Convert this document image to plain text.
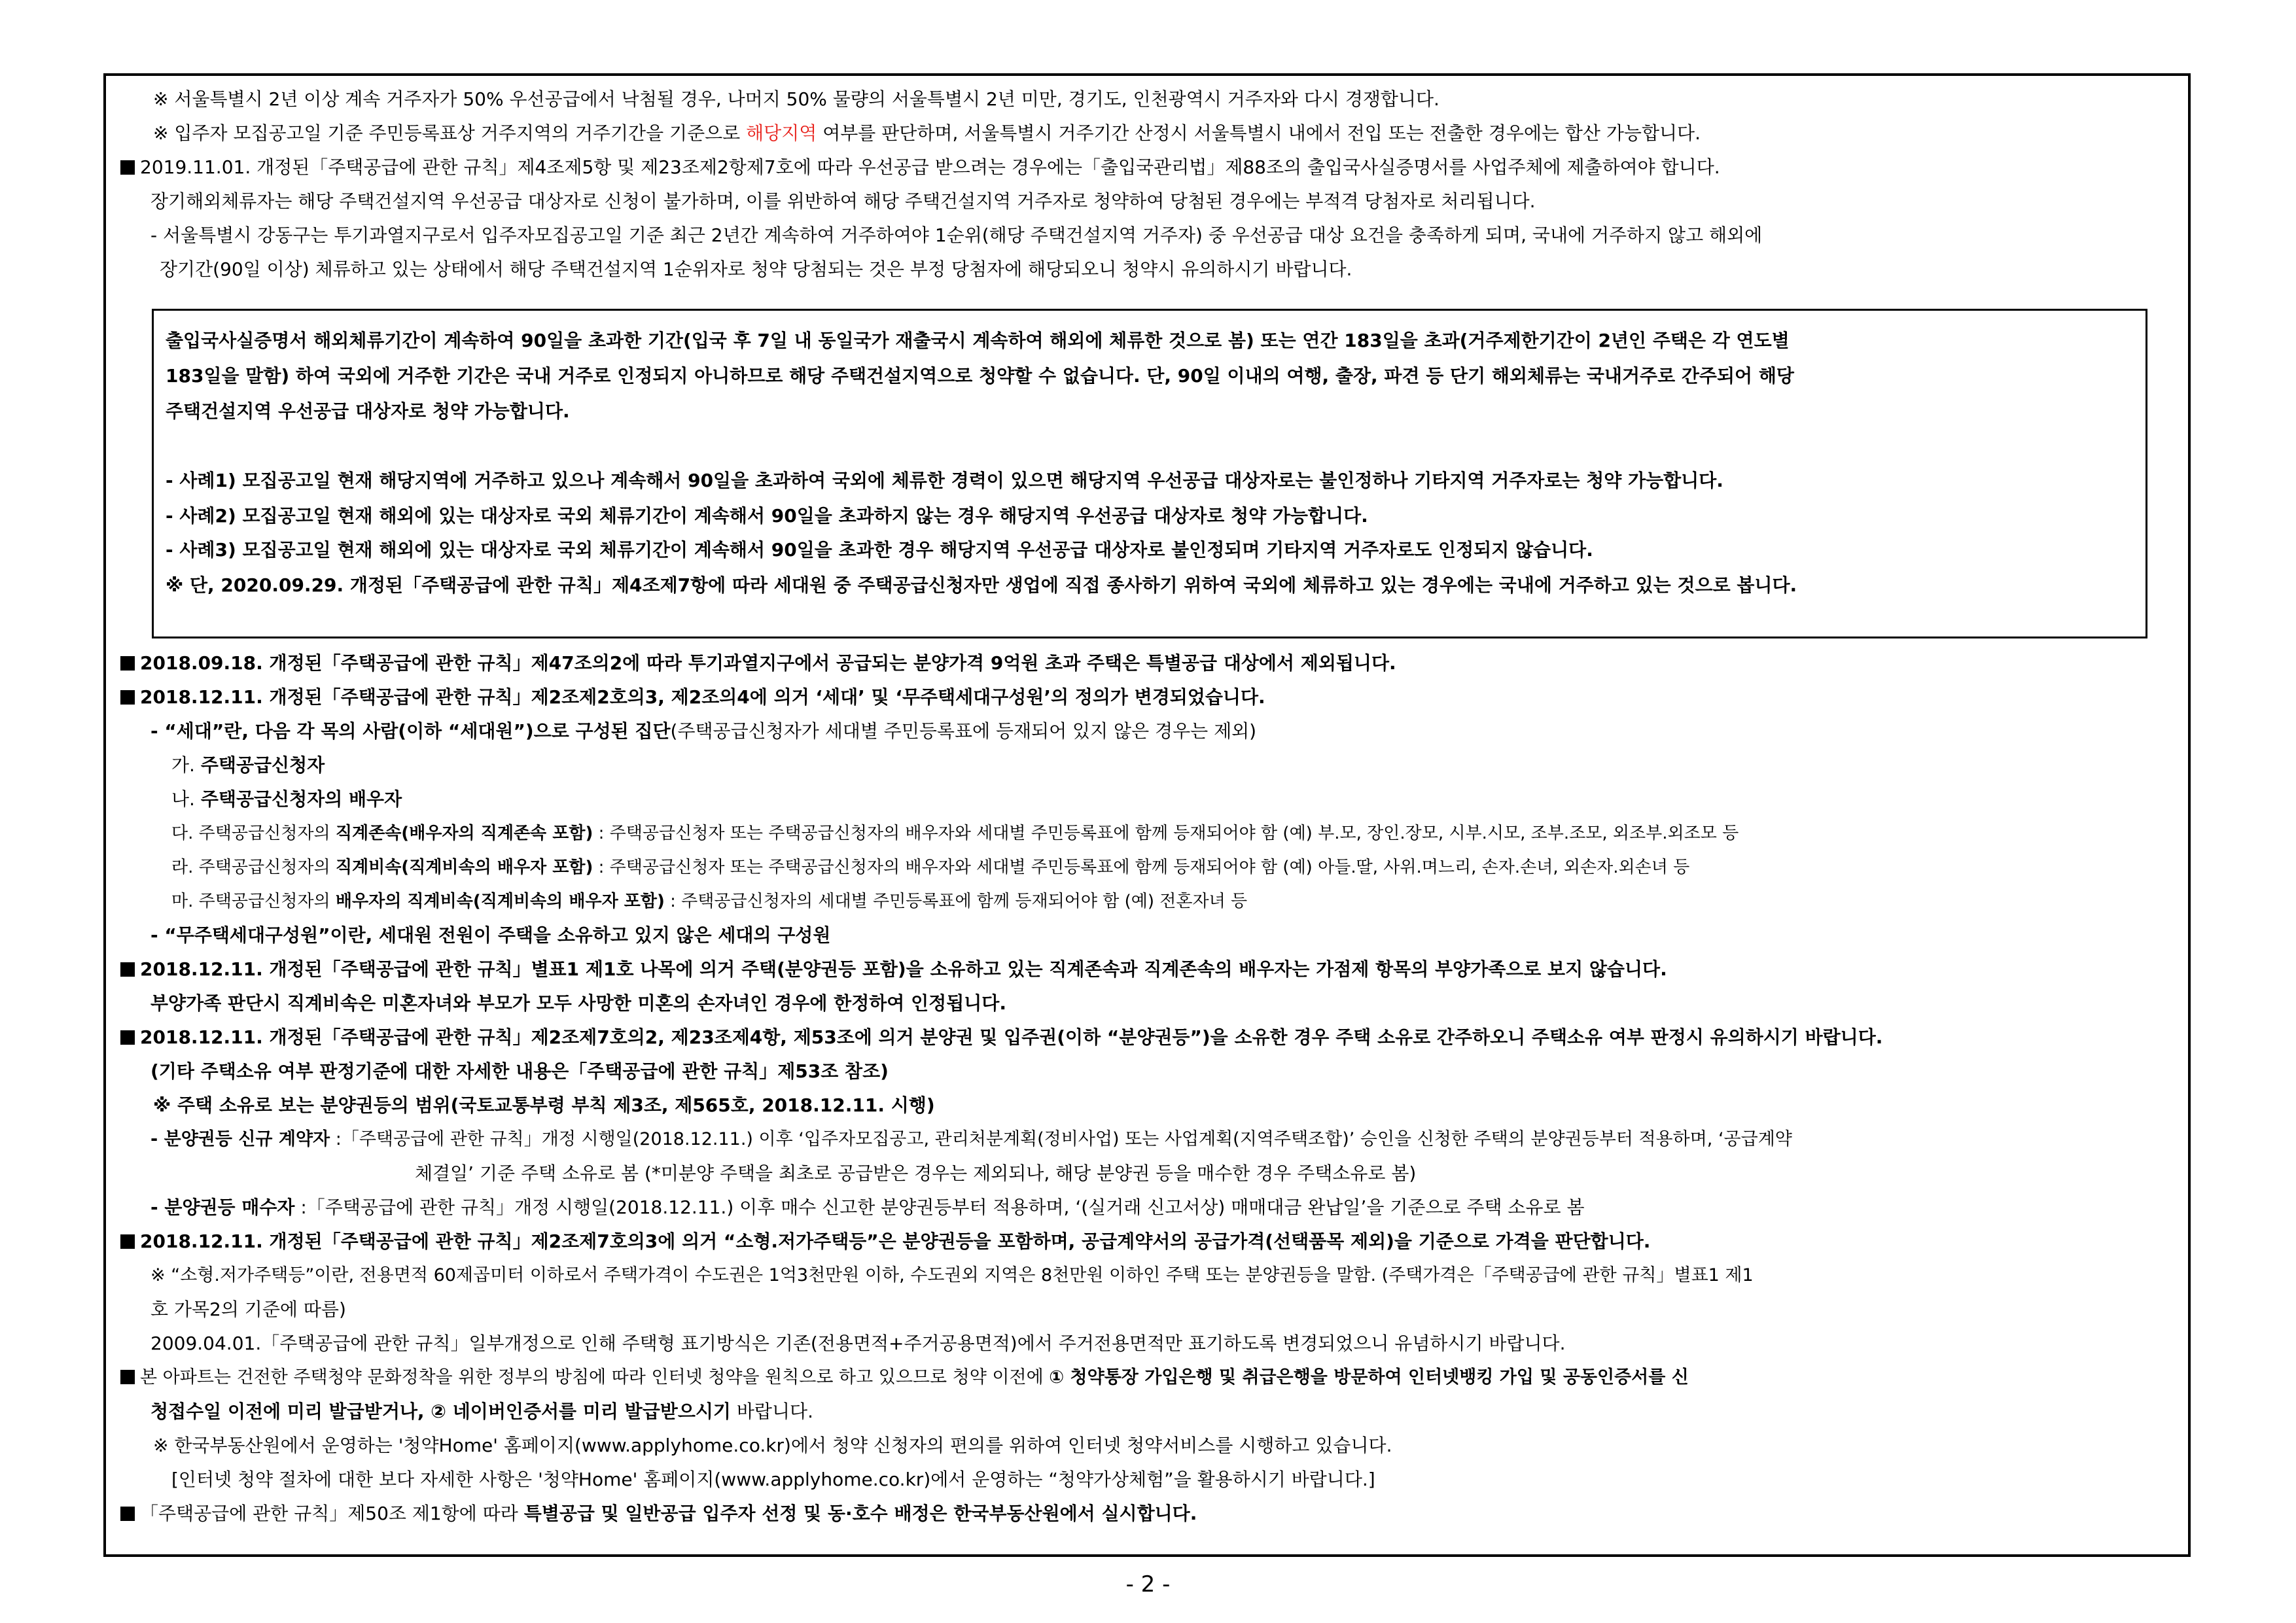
※ 서울특별시 2년 이상 계속 거주자가 50% 우선공급에서 낙첨될 경우, 나머지 50% 물량의 서울특별시 2년 미만, 경기도, 인천광역시 거주자와 다시 경쟁합니다.
※ 입주자 모집공고일 기준 주민등록표상 거주지역의 거주기간을 기준으로 해당지역 여부를 판단하며, 서울특별시 거주기간 산정시 서울특별시 내에서 전입 또는 전출한 경우에는 합산 가능합니다.
2019.11.01. 개정된「주택공급에 관한 규칙」제4조제5항 및 제23조제2항제7호에 따라 우선공급 받으려는 경우에는「출입국관리법」제88조의 출입국사실증명서를 사업주체에 제출하여야 합니다.
장기해외체류자는 해당 주택건설지역 우선공급 대상자로 신청이 불가하며, 이를 위반하여 해당 주택건설지역 거주자로 청약하여 당첨된 경우에는 부적격 당첨자로 처리됩니다.
- 서울특별시 강동구는 투기과열지구로서 입주자모집공고일 기준 최근 2년간 계속하여 거주하여야 1순위(해당 주택건설지역 거주자) 중 우선공급 대상 요건을 충족하게 되며, 국내에 거주하지 않고 해외에
장기간(90일 이상) 체류하고 있는 상태에서 해당 주택건설지역 1순위자로 청약 당첨되는 것은 부정 당첨자에 해당되오니 청약시 유의하시기 바랍니다.
출입국사실증명서 해외체류기간이 계속하여 90일을 초과한 기간(입국 후 7일 내 동일국가 재출국시 계속하여 해외에 체류한 것으로 봄) 또는 연간 183일을 초과(거주제한기간이 2년인 주택은 각 연도별
183일을 말함) 하여 국외에 거주한 기간은 국내 거주로 인정되지 아니하므로 해당 주택건설지역으로 청약할 수 없습니다. 단, 90일 이내의 여행, 출장, 파견 등 단기 해외체류는 국내거주로 간주되어 해당
주택건설지역 우선공급 대상자로 청약 가능합니다.
- 사례1) 모집공고일 현재 해당지역에 거주하고 있으나 계속해서 90일을 초과하여 국외에 체류한 경력이 있으면 해당지역 우선공급 대상자로는 불인정하나 기타지역 거주자로는 청약 가능합니다.
- 사례2) 모집공고일 현재 해외에 있는 대상자로 국외 체류기간이 계속해서 90일을 초과하지 않는 경우 해당지역 우선공급 대상자로 청약 가능합니다.
- 사례3) 모집공고일 현재 해외에 있는 대상자로 국외 체류기간이 계속해서 90일을 초과한 경우 해당지역 우선공급 대상자로 불인정되며 기타지역 거주자로도 인정되지 않습니다.
※ 단, 2020.09.29. 개정된「주택공급에 관한 규칙」제4조제7항에 따라 세대원 중 주택공급신청자만 생업에 직접 종사하기 위하여 국외에 체류하고 있는 경우에는 국내에 거주하고 있는 것으로 봅니다.
2018.09.18. 개정된「주택공급에 관한 규칙」제47조의2에 따라 투기과열지구에서 공급되는 분양가격 9억원 초과 주택은 특별공급 대상에서 제외됩니다.
2018.12.11. 개정된「주택공급에 관한 규칙」제2조제2호의3, 제2조의4에 의거 ‘세대’ 및 ‘무주택세대구성원’의 정의가 변경되었습니다.
- “세대”란, 다음 각 목의 사람(이하 “세대원”)으로 구성된 집단(주택공급신청자가 세대별 주민등록표에 등재되어 있지 않은 경우는 제외)
가. 주택공급신청자
나. 주택공급신청자의 배우자
다. 주택공급신청자의 직계존속(배우자의 직계존속 포함) : 주택공급신청자 또는 주택공급신청자의 배우자와 세대별 주민등록표에 함께 등재되어야 함 (예) 부.모, 장인.장모, 시부.시모, 조부.조모, 외조부.외조모 등
라. 주택공급신청자의 직계비속(직계비속의 배우자 포함) : 주택공급신청자 또는 주택공급신청자의 배우자와 세대별 주민등록표에 함께 등재되어야 함 (예) 아들.딸, 사위.며느리, 손자.손녀, 외손자.외손녀 등
마. 주택공급신청자의 배우자의 직계비속(직계비속의 배우자 포함) : 주택공급신청자의 세대별 주민등록표에 함께 등재되어야 함 (예) 전혼자녀 등
- “무주택세대구성원”이란, 세대원 전원이 주택을 소유하고 있지 않은 세대의 구성원
2018.12.11. 개정된「주택공급에 관한 규칙」별표1 제1호 나목에 의거 주택(분양권등 포함)을 소유하고 있는 직계존속과 직계존속의 배우자는 가점제 항목의 부양가족으로 보지 않습니다.
부양가족 판단시 직계비속은 미혼자녀와 부모가 모두 사망한 미혼의 손자녀인 경우에 한정하여 인정됩니다.
2018.12.11. 개정된「주택공급에 관한 규칙」제2조제7호의2, 제23조제4항, 제53조에 의거 분양권 및 입주권(이하 “분양권등”)을 소유한 경우 주택 소유로 간주하오니 주택소유 여부 판정시 유의하시기 바랍니다.
(기타 주택소유 여부 판정기준에 대한 자세한 내용은「주택공급에 관한 규칙」제53조 참조)
※ 주택 소유로 보는 분양권등의 범위(국토교통부령 부칙 제3조, 제565호, 2018.12.11. 시행)
- 분양권등 신규 계약자 :「주택공급에 관한 규칙」개정 시행일(2018.12.11.) 이후 ‘입주자모집공고, 관리처분계획(정비사업) 또는 사업계획(지역주택조합)’ 승인을 신청한 주택의 분양권등부터 적용하며, ‘공급계약
체결일’ 기준 주택 소유로 봄 (*미분양 주택을 최초로 공급받은 경우는 제외되나, 해당 분양권 등을 매수한 경우 주택소유로 봄)
- 분양권등 매수자 :「주택공급에 관한 규칙」개정 시행일(2018.12.11.) 이후 매수 신고한 분양권등부터 적용하며, ‘(실거래 신고서상) 매매대금 완납일’을 기준으로 주택 소유로 봄
2018.12.11. 개정된「주택공급에 관한 규칙」제2조제7호의3에 의거 “소형.저가주택등”은 분양권등을 포함하며, 공급계약서의 공급가격(선택품목 제외)을 기준으로 가격을 판단합니다.
※ “소형.저가주택등”이란, 전용면적 60제곱미터 이하로서 주택가격이 수도권은 1억3천만원 이하, 수도권외 지역은 8천만원 이하인 주택 또는 분양권등을 말함. (주택가격은「주택공급에 관한 규칙」별표1 제1
호 가목2의 기준에 따름)
2009.04.01.「주택공급에 관한 규칙」일부개정으로 인해 주택형 표기방식은 기존(전용면적+주거공용면적)에서 주거전용면적만 표기하도록 변경되었으니 유념하시기 바랍니다.
본 아파트는 건전한 주택청약 문화정착을 위한 정부의 방침에 따라 인터넷 청약을 원칙으로 하고 있으므로 청약 이전에 ① 청약통장 가입은행 및 취급은행을 방문하여 인터넷뱅킹 가입 및 공동인증서를 신
청접수일 이전에 미리 발급받거나, ② 네이버인증서를 미리 발급받으시기 바랍니다.
※ 한국부동산원에서 운영하는 '청약Home' 홈페이지(www.applyhome.co.kr)에서 청약 신청자의 편의를 위하여 인터넷 청약서비스를 시행하고 있습니다.
[인터넷 청약 절차에 대한 보다 자세한 사항은 '청약Home' 홈페이지(www.applyhome.co.kr)에서 운영하는 “청약가상체험”을 활용하시기 바랍니다.]
「주택공급에 관한 규칙」제50조 제1항에 따라 특별공급 및 일반공급 입주자 선정 및 동·호수 배정은 한국부동산원에서 실시합니다.
- 2 -
